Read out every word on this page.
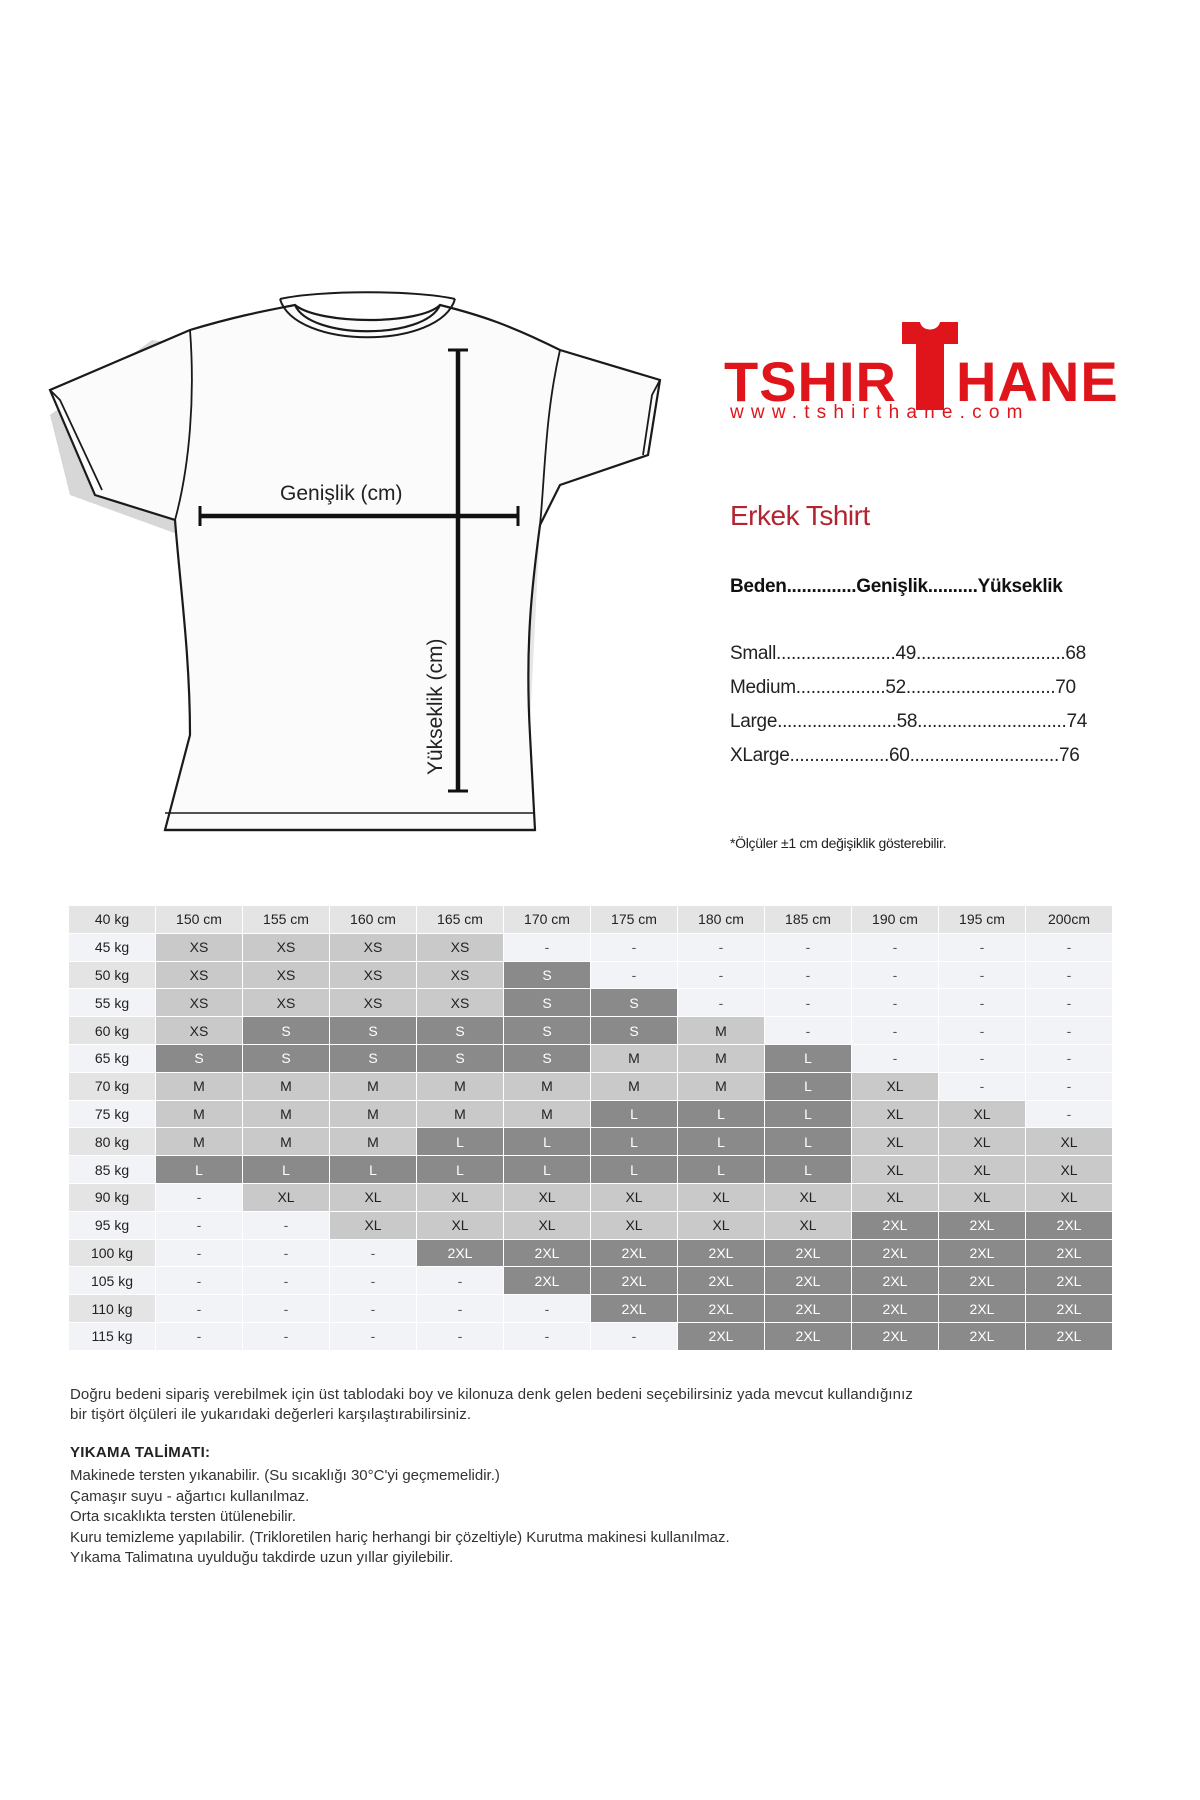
Genişlik (cm)
Yükseklik (cm)
TSHIR HANE
www.tshirthane.com
Erkek Tshirt
Beden..............Genişlik..........Yükseklik
Small........................49..............................68
Medium..................52..............................70
Large........................58..............................74
XLarge....................60..............................76
*Ölçüler ±1 cm değişiklik gösterebilir.
40 kg	150 cm	155 cm	160 cm	165 cm	170 cm	175 cm	180 cm	185 cm	190 cm	195 cm	200cm
45 kg	XS	XS	XS	XS	-	-	-	-	-	-	-
50 kg	XS	XS	XS	XS	S	-	-	-	-	-	-
55 kg	XS	XS	XS	XS	S	S	-	-	-	-	-
60 kg	XS	S	S	S	S	S	M	-	-	-	-
65 kg	S	S	S	S	S	M	M	L	-	-	-
70 kg	M	M	M	M	M	M	M	L	XL	-	-
75 kg	M	M	M	M	M	L	L	L	XL	XL	-
80 kg	M	M	M	L	L	L	L	L	XL	XL	XL
85 kg	L	L	L	L	L	L	L	L	XL	XL	XL
90 kg	-	XL	XL	XL	XL	XL	XL	XL	XL	XL	XL
95 kg	-	-	XL	XL	XL	XL	XL	XL	2XL	2XL	2XL
100 kg	-	-	-	2XL	2XL	2XL	2XL	2XL	2XL	2XL	2XL
105 kg	-	-	-	-	2XL	2XL	2XL	2XL	2XL	2XL	2XL
110 kg	-	-	-	-	-	2XL	2XL	2XL	2XL	2XL	2XL
115 kg	-	-	-	-	-	-	2XL	2XL	2XL	2XL	2XL
Doğru bedeni sipariş verebilmek için üst tablodaki boy ve kilonuza denk gelen bedeni seçebilirsiniz yada mevcut kullandığınız
bir tişört ölçüleri ile yukarıdaki değerleri karşılaştırabilirsiniz.
YIKAMA TALİMATI:
Makinede tersten yıkanabilir. (Su sıcaklığı 30°C'yi geçmemelidir.)
Çamaşır suyu - ağartıcı kullanılmaz.
Orta sıcaklıkta tersten ütülenebilir.
Kuru temizleme yapılabilir. (Trikloretilen hariç herhangi bir çözeltiyle) Kurutma makinesi kullanılmaz.
Yıkama Talimatına uyulduğu takdirde uzun yıllar giyilebilir.
